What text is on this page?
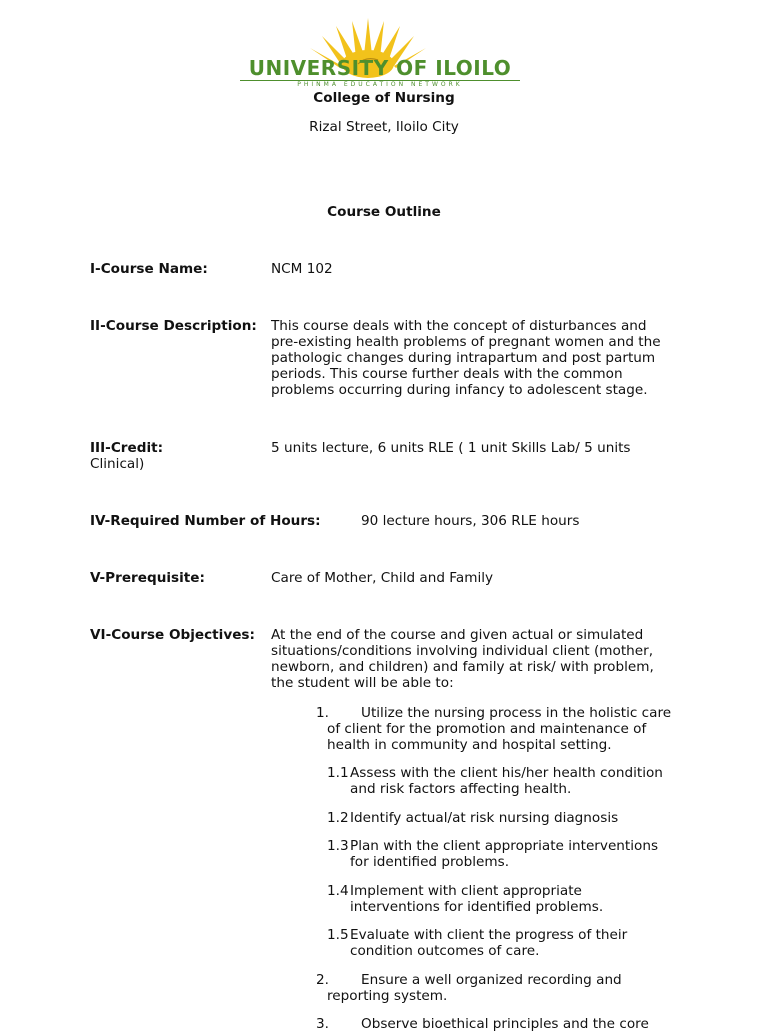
UNIVERSITY OF ILOILO
PHINMA EDUCATION NETWORK
College of Nursing
Rizal Street, Iloilo City
Course Outline
I-Course Name:	NCM 102
II-Course Description: This course deals with the concept of disturbances and
pre-existing health problems of pregnant women and the
pathologic changes during intrapartum and post partum
periods. This course further deals with the common
problems occurring during infancy to adolescent stage.
III-Credit:	5 units lecture, 6 units RLE ( 1 unit Skills Lab/ 5 units
Clinical)
IV-Required Number of Hours:	90 lecture hours, 306 RLE hours
V-Prerequisite:	Care of Mother, Child and Family
VI-Course Objectives: At the end of the course and given actual or simulated
situations/conditions involving individual client (mother,
newborn, and children) and family at risk/ with problem,
the student will be able to:
1. Utilize the nursing process in the holistic care
of client for the promotion and maintenance of
health in community and hospital setting.
1.1 Assess with the client his/her health condition
and risk factors affecting health.
1.2 Identify actual/at risk nursing diagnosis
1.3 Plan with the client appropriate interventions
for identified problems.
1.4 Implement with client appropriate
interventions for identified problems.
1.5 Evaluate with client the progress of their
condition outcomes of care.
2. Ensure a well organized recording and
reporting system.
3. Observe bioethical principles and the core
